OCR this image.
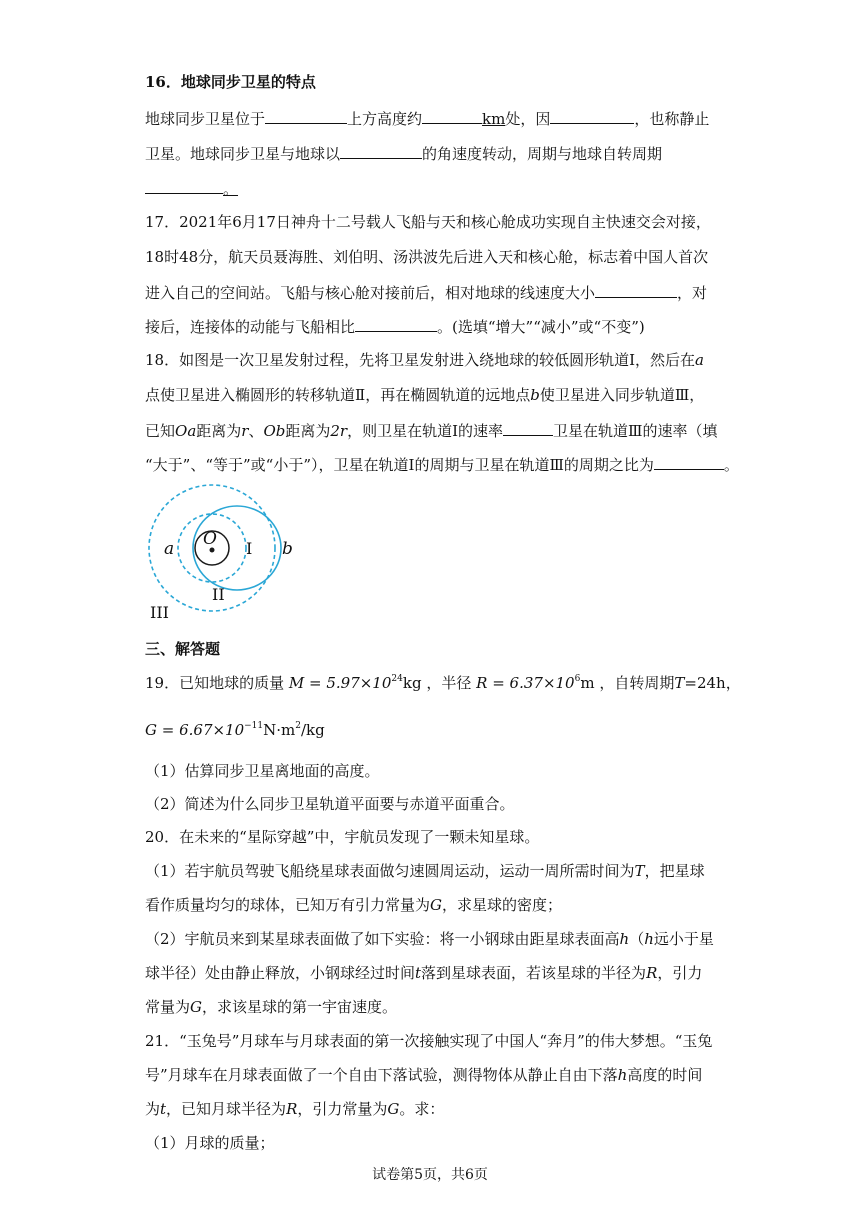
16．地球同步卫星的特点
地球同步卫星位于	上方高度约	km处，因	，也称静止
卫星。地球同步卫星与地球以	的角速度转动，周期与地球自转周期
。
17．2021年6月17日神舟十二号载人飞船与天和核心舱成功实现自主快速交会对接，
18时48分，航天员聂海胜、刘伯明、汤洪波先后进入天和核心舱，标志着中国人首次
进入自己的空间站。飞船与核心舱对接前后，相对地球的线速度大小	，对
接后，连接体的动能与飞船相比	。(选填“增大”“减小”或“不变”)
18．如图是一次卫星发射过程，先将卫星发射进入绕地球的较低圆形轨道Ⅰ，然后在a
点使卫星进入椭圆形的转移轨道Ⅱ，再在椭圆轨道的远地点b使卫星进入同步轨道Ⅲ，
已知Oa距离为r、Ob距离为2r，则卫星在轨道Ⅰ的速率	卫星在轨道Ⅲ的速率（填
“大于”、“等于”或“小于”），卫星在轨道Ⅰ的周期与卫星在轨道Ⅲ的周期之比为	。
O
a	b
I
II
III
三、解答题
19．已知地球的质量 $M = 5.97\times 10^{24}kg$ ，半径 $R = 6.37\times 10^6m$ ，自转周期T=24h，
$G = 6.67\times 10^{-11}N\cdot m^2/kg$
（1）估算同步卫星离地面的高度。
（2）简述为什么同步卫星轨道平面要与赤道平面重合。
20．在未来的“星际穿越”中，宇航员发现了一颗未知星球。
（1）若宇航员驾驶飞船绕星球表面做匀速圆周运动，运动一周所需时间为T，把星球
看作质量均匀的球体，已知万有引力常量为G，求星球的密度；
（2）宇航员来到某星球表面做了如下实验：将一小钢球由距星球表面高h（h远小于星
球半径）处由静止释放，小钢球经过时间t落到星球表面，若该星球的半径为R，引力
常量为G，求该星球的第一宇宙速度。
21．“玉兔号”月球车与月球表面的第一次接触实现了中国人“奔月”的伟大梦想。“玉兔
号”月球车在月球表面做了一个自由下落试验，测得物体从静止自由下落h高度的时间
为t，已知月球半径为R，引力常量为G。求：
（1）月球的质量；
试卷第5页，共6页
